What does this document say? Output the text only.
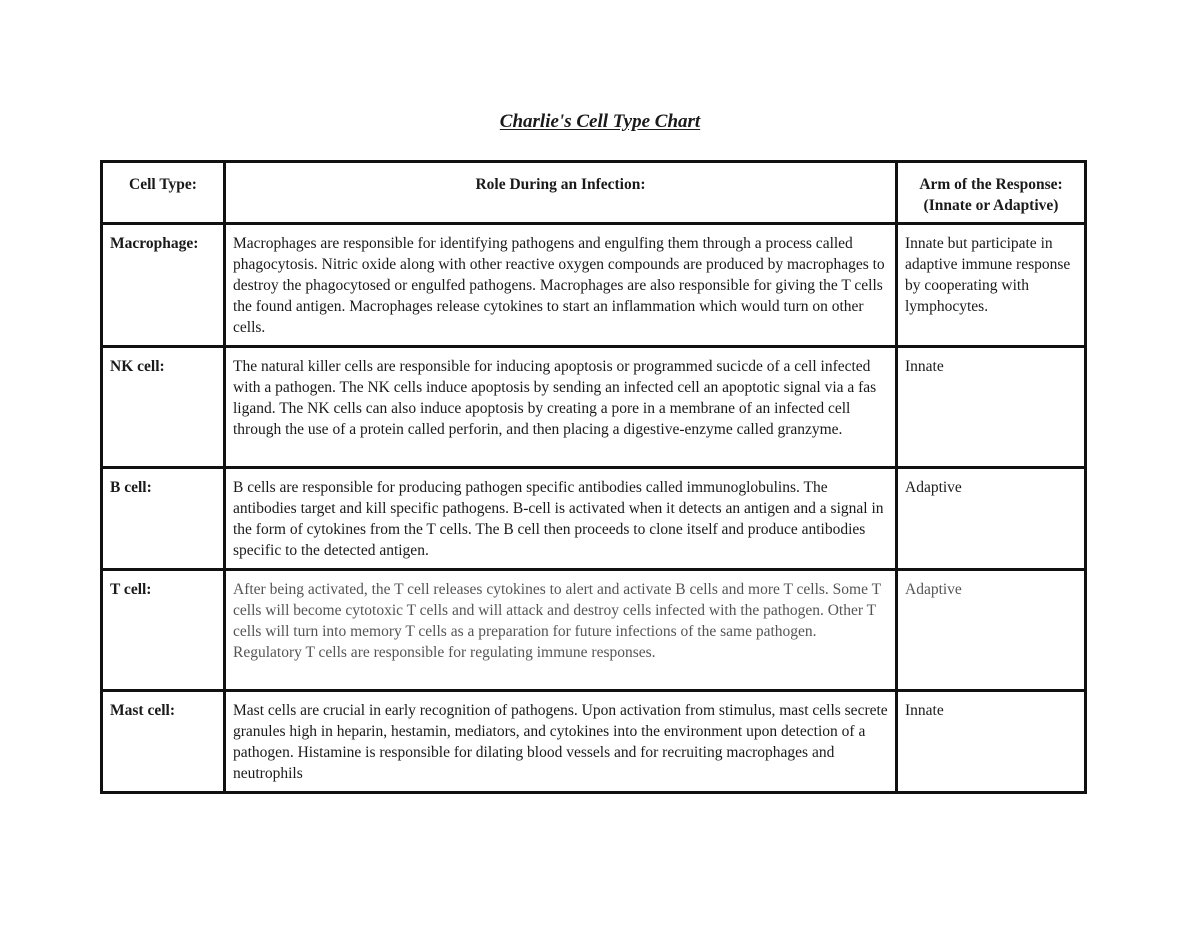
Charlie's Cell Type Chart
Cell Type:	Role During an Infection:	Arm of the Response:
(Innate or Adaptive)

Macrophage:	Macrophages are responsible for identifying pathogens and engulfing them through a process called phagocytosis. Nitric oxide along with other reactive oxygen compounds are produced by macrophages to destroy the phagocytosed or engulfed pathogens. Macrophages are also responsible for giving the T cells the found antigen. Macrophages release cytokines to start an inflammation which would turn on other cells.	Innate but participate in adaptive immune response by cooperating with lymphocytes.
NK cell:	The natural killer cells are responsible for inducing apoptosis or programmed sucicde of a cell infected with a pathogen. The NK cells induce apoptosis by sending an infected cell an apoptotic signal via a fas ligand. The NK cells can also induce apoptosis by creating a pore in a membrane of an infected cell through the use of a protein called perforin, and then placing a digestive-enzyme called granzyme.	Innate
B cell:	B cells are responsible for producing pathogen specific antibodies called immunoglobulins. The antibodies target and kill specific pathogens. B-cell is activated when it detects an antigen and a signal in the form of cytokines from the T cells. The B cell then proceeds to clone itself and produce antibodies specific to the detected antigen.	Adaptive
T cell:	After being activated, the T cell releases cytokines to alert and activate B cells and more T cells. Some T cells will become cytotoxic T cells and will attack and destroy cells infected with the pathogen. Other T cells will turn into memory T cells as a preparation for future infections of the same pathogen. Regulatory T cells are responsible for regulating immune responses.	Adaptive
Mast cell:	Mast cells are crucial in early recognition of pathogens. Upon activation from stimulus, mast cells secrete granules high in heparin, hestamin, mediators, and cytokines into the environment upon detection of a pathogen. Histamine is responsible for dilating blood vessels and for recruiting macrophages and neutrophils	Innate
